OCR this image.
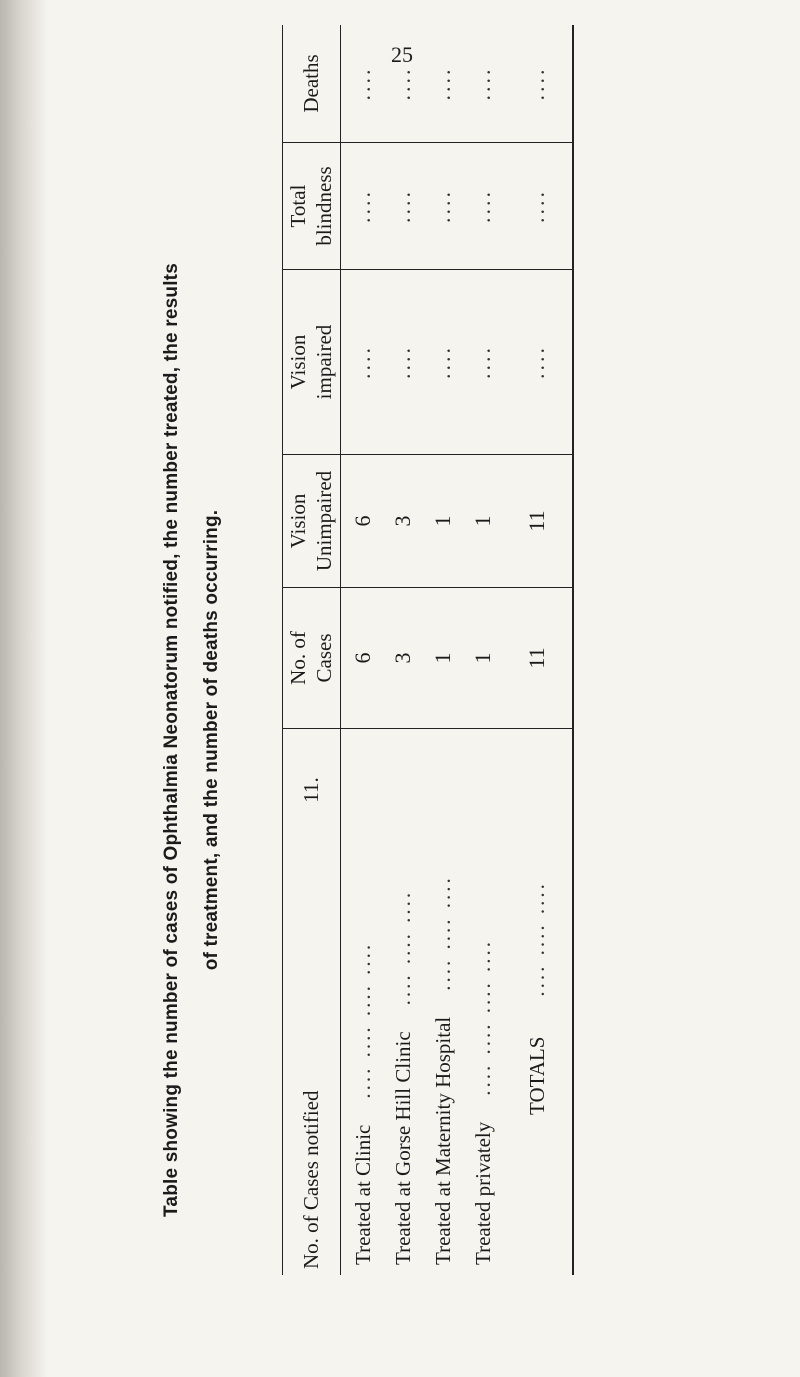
25
Table showing the number of cases of Ophthalmia Neonatorum notified, the number treated, the results	of treatment, and the number of deaths occurring.
No. of Cases notified
11.
No. of Cases
Vision Unimpaired
Vision impaired
Total blindness
Deaths
Treated at Clinic
.... .... .... ....
6
6
....
....
....
Treated at Gorse Hill Clinic
.... .... ....
3
3
....
....
....
Treated at Maternity Hospital
.... .... ....
1
1
....
....
....
Treated privately
.... .... .... ....
1
1
....
....
....
TOTALS
.... .... ....
11
11
....
....
....
